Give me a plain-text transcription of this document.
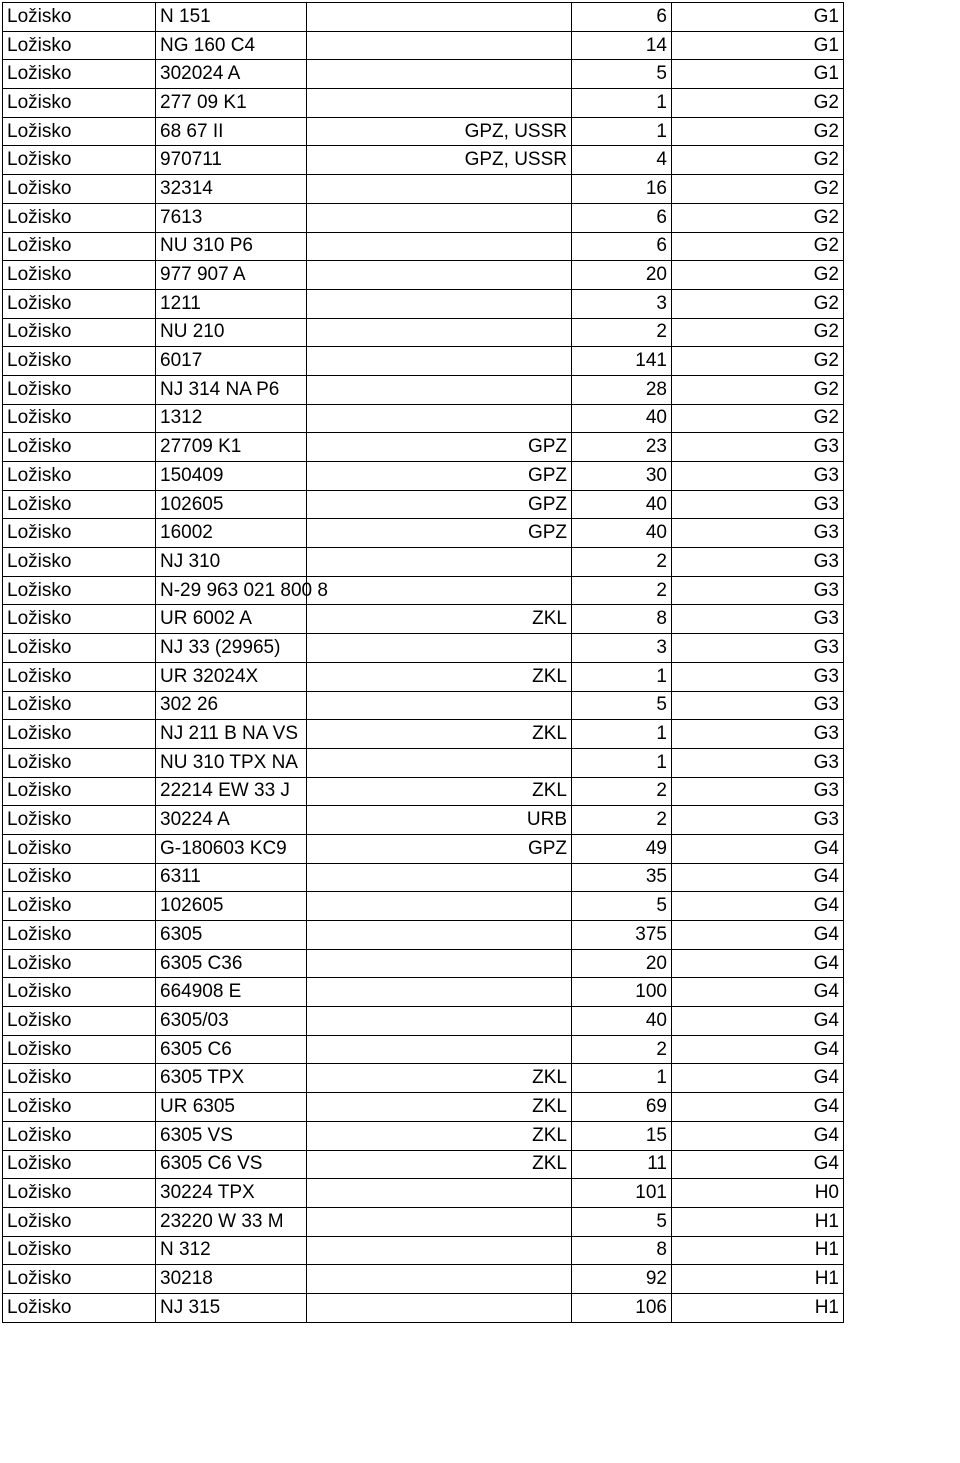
Ložisko	N 151		6	G1
Ložisko	NG 160 C4		14	G1
Ložisko	302024 A		5	G1
Ložisko	277 09 K1		1	G2
Ložisko	68 67 II	GPZ, USSR	1	G2
Ložisko	970711	GPZ, USSR	4	G2
Ložisko	32314		16	G2
Ložisko	7613		6	G2
Ložisko	NU 310 P6		6	G2
Ložisko	977 907 A		20	G2
Ložisko	1211		3	G2
Ložisko	NU 210		2	G2
Ložisko	6017		141	G2
Ložisko	NJ 314 NA P6		28	G2
Ložisko	1312		40	G2
Ložisko	27709 K1	GPZ	23	G3
Ložisko	150409	GPZ	30	G3
Ložisko	102605	GPZ	40	G3
Ložisko	16002	GPZ	40	G3
Ložisko	NJ 310		2	G3
Ložisko	N-29 963 021 800 8		2	G3
Ložisko	UR 6002 A	ZKL	8	G3
Ložisko	NJ 33 (29965)		3	G3
Ložisko	UR 32024X	ZKL	1	G3
Ložisko	302 26		5	G3
Ložisko	NJ 211 B NA VS	ZKL	1	G3
Ložisko	NU 310 TPX NA		1	G3
Ložisko	22214 EW 33 J	ZKL	2	G3
Ložisko	30224 A	URB	2	G3
Ložisko	G-180603 KC9	GPZ	49	G4
Ložisko	6311		35	G4
Ložisko	102605		5	G4
Ložisko	6305		375	G4
Ložisko	6305 C36		20	G4
Ložisko	664908 E		100	G4
Ložisko	6305/03		40	G4
Ložisko	6305 C6		2	G4
Ložisko	6305 TPX	ZKL	1	G4
Ložisko	UR 6305	ZKL	69	G4
Ložisko	6305 VS	ZKL	15	G4
Ložisko	6305 C6 VS	ZKL	11	G4
Ložisko	30224 TPX		101	H0
Ložisko	23220 W 33 M		5	H1
Ložisko	N 312		8	H1
Ložisko	30218		92	H1
Ložisko	NJ 315		106	H1
